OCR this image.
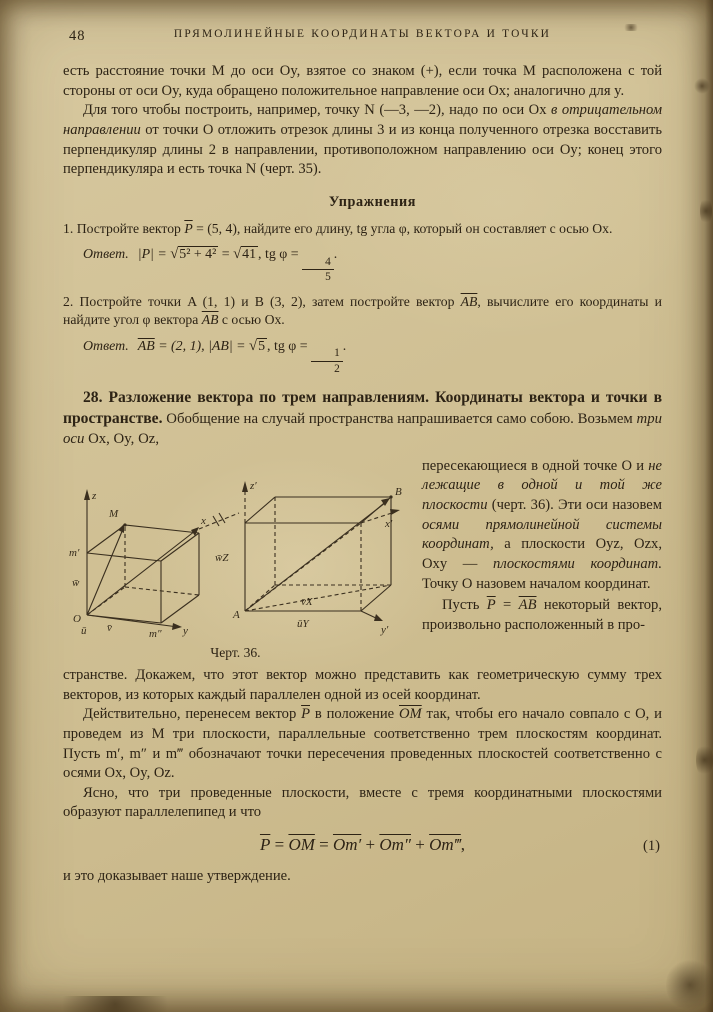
48	ПРЯМОЛИНЕЙНЫЕ КООРДИНАТЫ ВЕКТОРА И ТОЧКИ

есть расстояние точки M до оси Oy, взятое со знаком (+), если точка M расположена с той стороны от оси Oy, куда обращено положительное направление оси Ox; аналогично для y.

Для того чтобы построить, например, точку N (—3, —2), надо по оси Ox в отрицательном направлении от точки O отложить отрезок длины 3 и из конца полученного отрезка восставить перпендикуляр длины 2 в направлении, противоположном направлению оси Oy; конец этого перпендикуляра и есть точка N (черт. 35).

Упражнения

1. Постройте вектор $\overline{P} = (5$, 4), найдите его длину, tg угла φ, который он составляет с осью Ox.

Ответ. |P| = √5² + 4² = √41 , tg φ =
$\frac{4}{5}$
.

2. Постройте точки A (1, 1) и B (3, 2), затем постройте вектор $\overline{AB}$, вычислите его координаты и найдите угол φ вектора $\overline{AB}$ с осью Ox.

Ответ. $\overline{AB} = (2$, 1), |AB| = √5 , tg φ =
$\frac{1}{2}$
.

28. Разложение вектора по трем направлениям. Координаты вектора и точки в пространстве. Обобщение на случай пространства напрашивается само собою. Возьмем три оси Ox, Oy, Oz,

z
x
y
M
O
m′
w̄
ū v̄	m″
B
A
z′
x′
y′
w̄Z
v̄X
ūY
Черт. 36.

пересекающиеся в одной точке O и не лежащие в одной и той же плоскости (черт. 36). Эти оси назовем осями прямолинейной системы координат, а плоскости Oyz, Ozx, Oxy — плоскостями координат. Точку O назовем началом координат.

Пусть $\overline{P} = \overline{AB}$ некоторый вектор, произвольно расположенный в про-

странстве. Докажем, что этот вектор можно представить как геометрическую сумму трех векторов, из которых каждый параллелен одной из осей координат.

Действительно, перенесем вектор $\overline{P}$ в положение $\overline{OM}$ так, чтобы его начало совпало с O, и проведем из M три плоскости, параллельные соответственно трем плоскостям координат. Пусть m′, m″ и m‴ обозначают точки пересечения проведенных плоскостей соответственно с осями Ox, Oy, Oz.

Ясно, что три проведенные плоскости, вместе с тремя координатными плоскостями образуют параллелепипед и что

$\overline{P} = \overline{OM} = Om' + Om''$ + Om‴,	(1)

и это доказывает наше утверждение.
